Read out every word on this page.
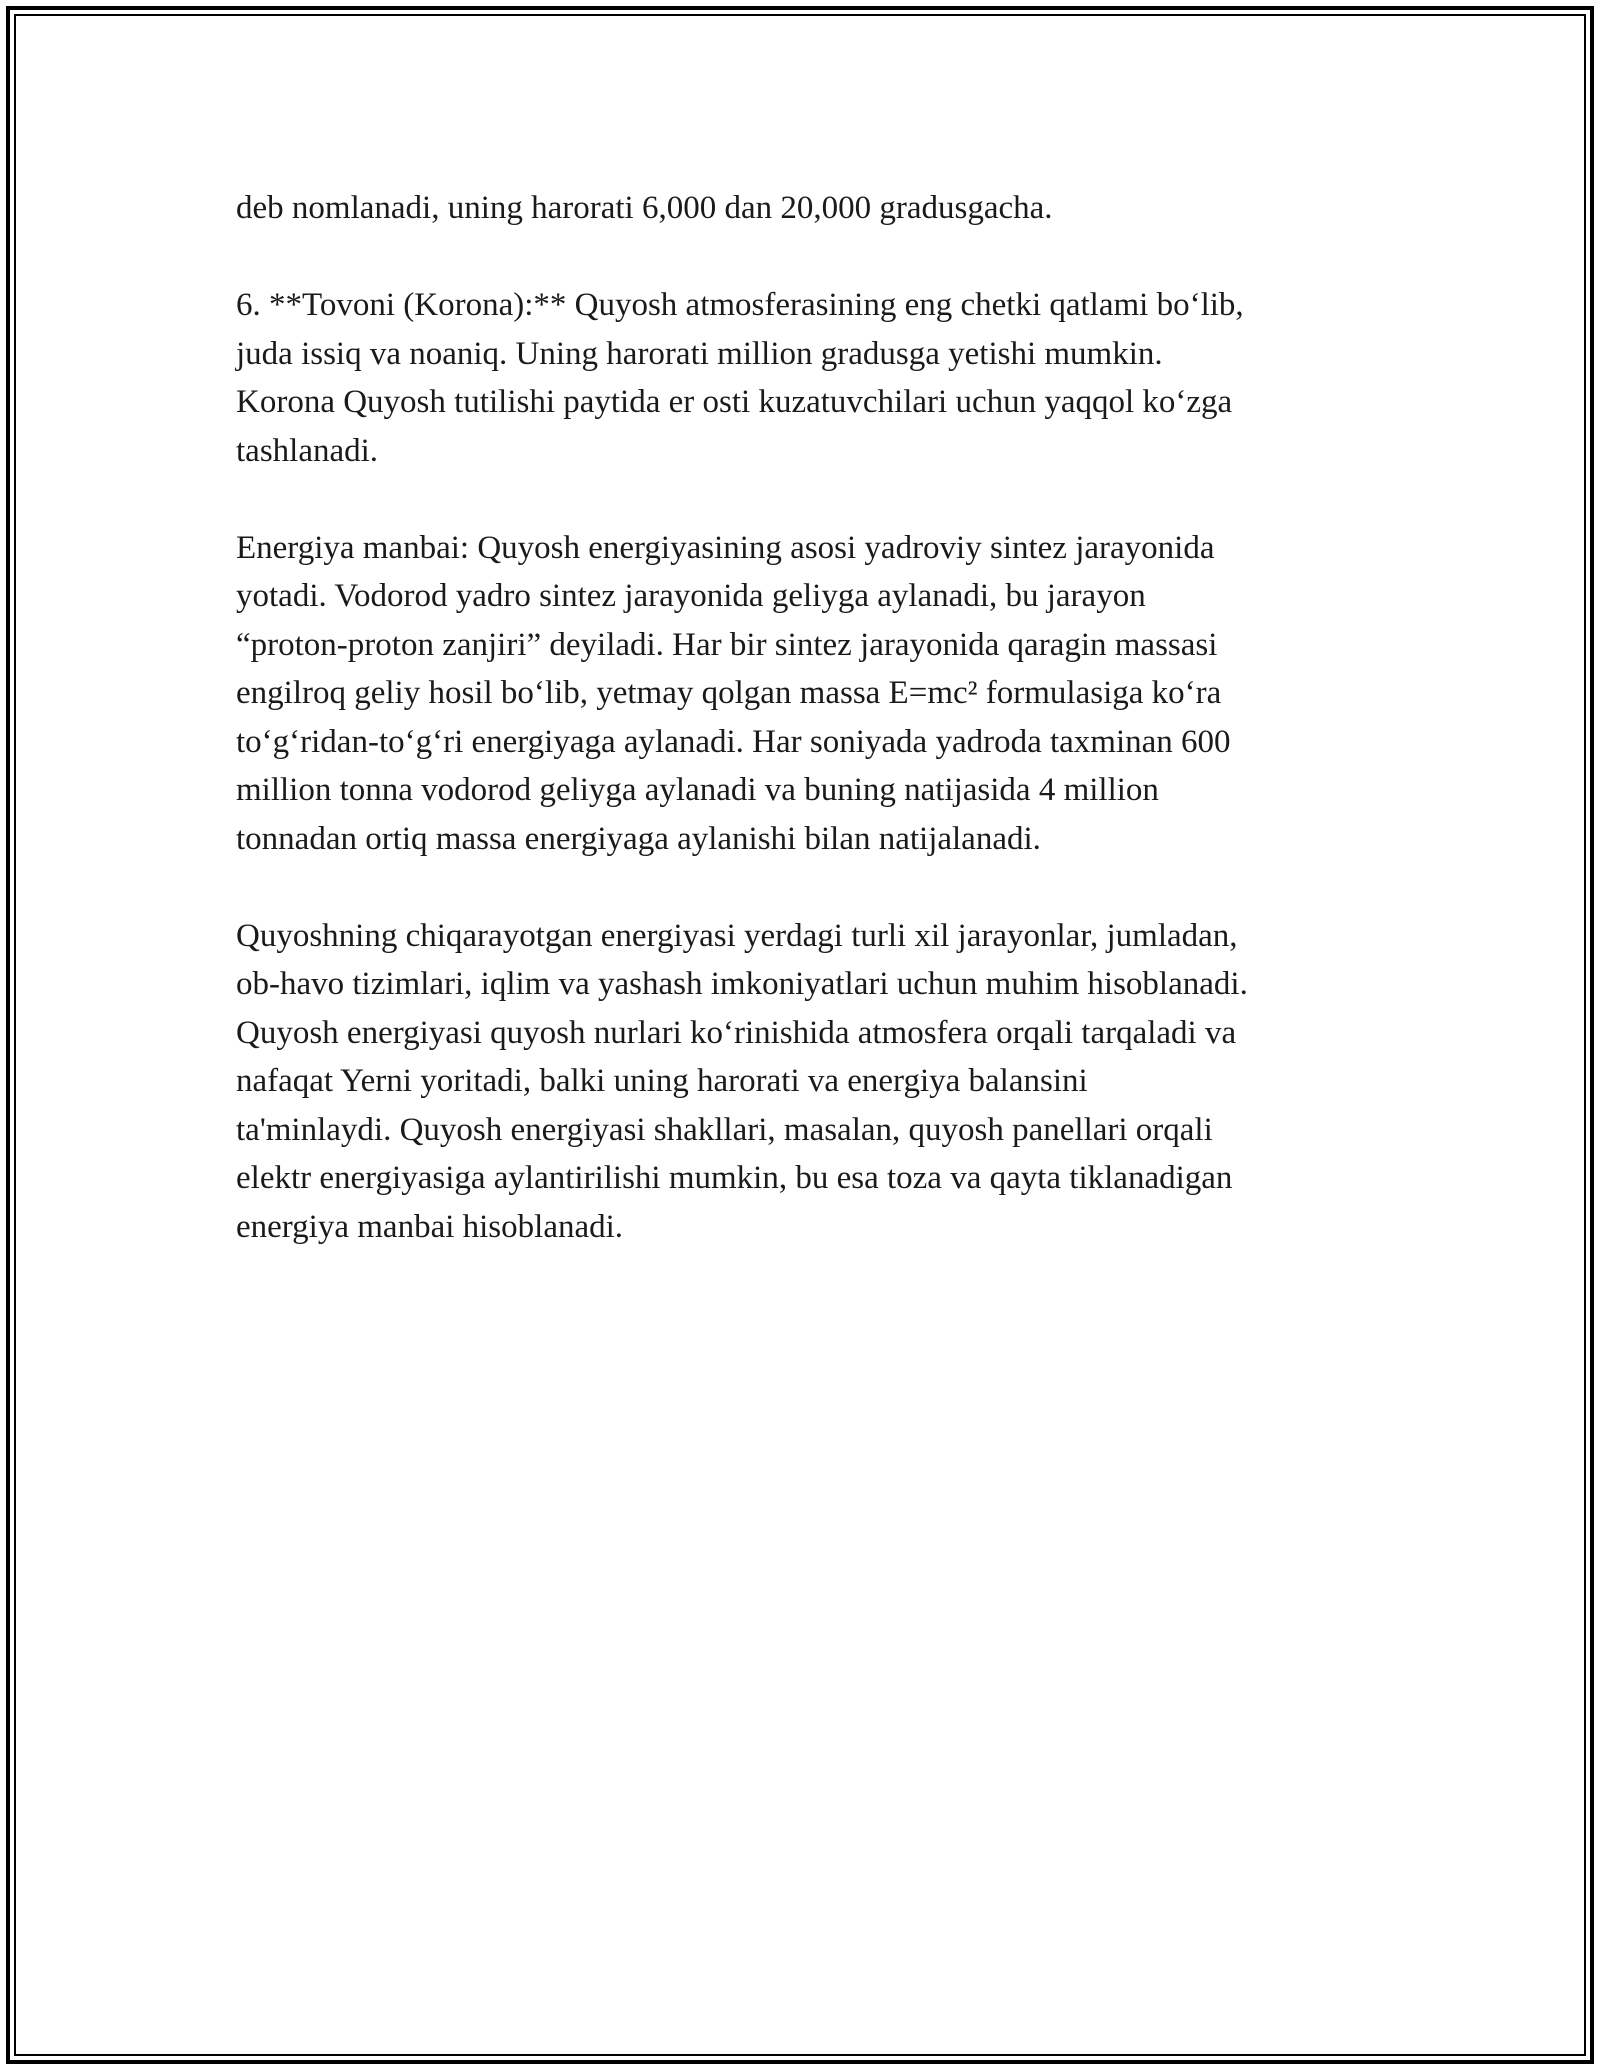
deb nomlanadi, uning harorati 6,000 dan 20,000 gradusgacha.

6. **Tovoni (Korona):** Quyosh atmosferasining eng chetki qatlami bo‘lib,
juda issiq va noaniq. Uning harorati million gradusga yetishi mumkin.
Korona Quyosh tutilishi paytida er osti kuzatuvchilari uchun yaqqol ko‘zga
tashlanadi.

Energiya manbai: Quyosh energiyasining asosi yadroviy sintez jarayonida
yotadi. Vodorod yadro sintez jarayonida geliyga aylanadi, bu jarayon
“proton-proton zanjiri” deyiladi. Har bir sintez jarayonida qaragin massasi
engilroq geliy hosil bo‘lib, yetmay qolgan massa E=mc² formulasiga ko‘ra
to‘g‘ridan-to‘g‘ri energiyaga aylanadi. Har soniyada yadroda taxminan 600
million tonna vodorod geliyga aylanadi va buning natijasida 4 million
tonnadan ortiq massa energiyaga aylanishi bilan natijalanadi.

Quyoshning chiqarayotgan energiyasi yerdagi turli xil jarayonlar, jumladan,
ob-havo tizimlari, iqlim va yashash imkoniyatlari uchun muhim hisoblanadi.
Quyosh energiyasi quyosh nurlari ko‘rinishida atmosfera orqali tarqaladi va
nafaqat Yerni yoritadi, balki uning harorati va energiya balansini
ta'minlaydi. Quyosh energiyasi shakllari, masalan, quyosh panellari orqali
elektr energiyasiga aylantirilishi mumkin, bu esa toza va qayta tiklanadigan
energiya manbai hisoblanadi.
